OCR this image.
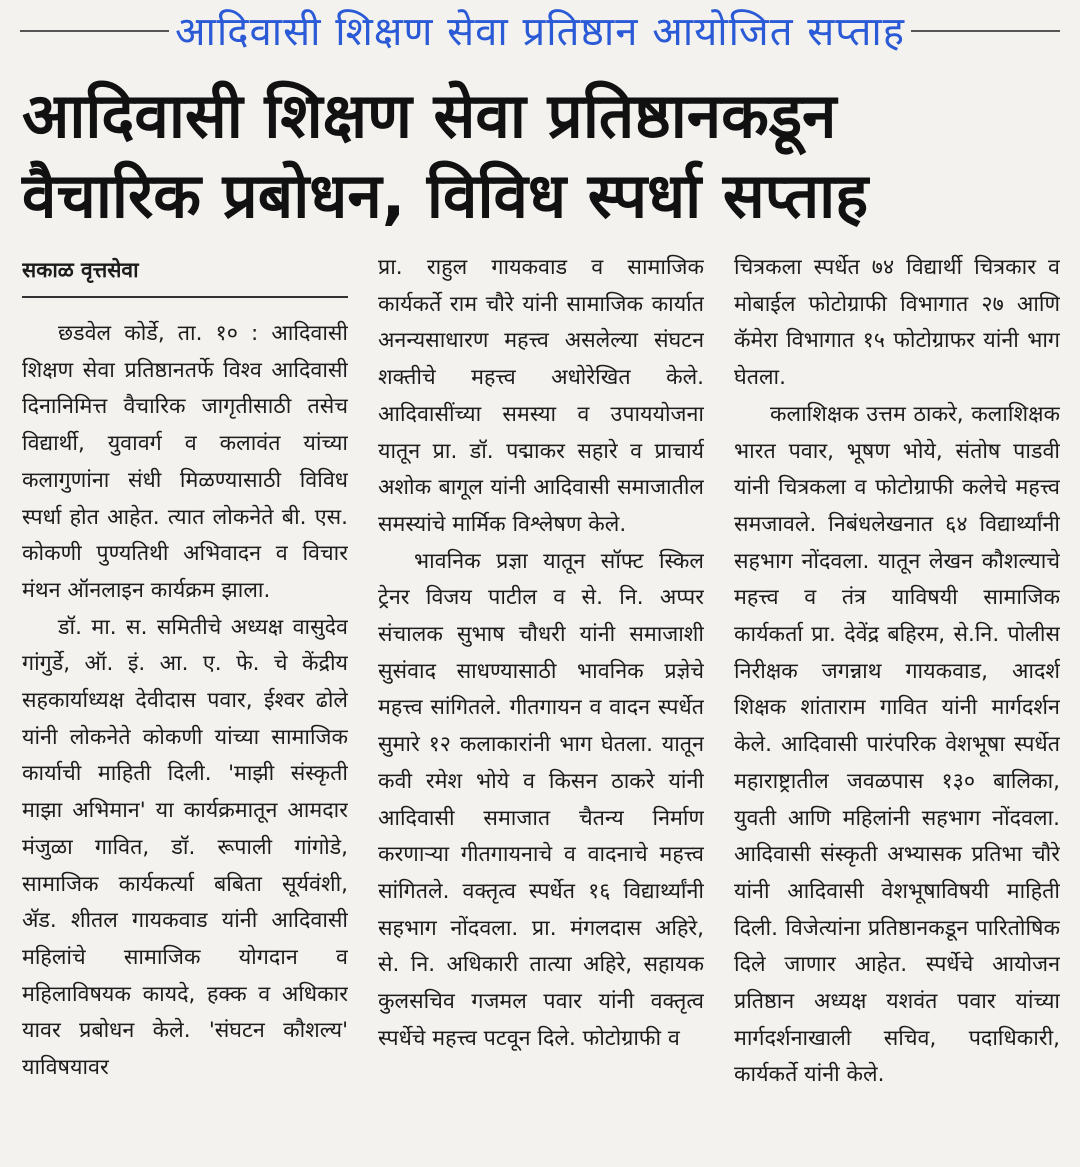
आदिवासी शिक्षण सेवा प्रतिष्ठान आयोजित सप्ताह
आदिवासी शिक्षण सेवा प्रतिष्ठानकडून
वैचारिक प्रबोधन, विविध स्पर्धा सप्ताह
सकाळ वृत्तसेवा

छडवेल कोर्डे, ता. १० : आदिवासी शिक्षण सेवा प्रतिष्ठानतर्फे विश्व आदिवासी दिनानिमित्त वैचारिक जागृतीसाठी तसेच विद्यार्थी, युवावर्ग व कलावंत यांच्या कलागुणांना संधी मिळण्यासाठी विविध स्पर्धा होत आहेत. त्यात लोकनेते बी. एस. कोकणी पुण्यतिथी अभिवादन व विचार मंथन ऑनलाइन कार्यक्रम झाला.

डॉ. मा. स. समितीचे अध्यक्ष वासुदेव गांगुर्डे, ऑ. इं. आ. ए. फे. चे केंद्रीय सहकार्याध्यक्ष देवीदास पवार, ईश्वर ढोले यांनी लोकनेते कोकणी यांच्या सामाजिक कार्याची माहिती दिली. 'माझी संस्कृती माझा अभिमान' या कार्यक्रमातून आमदार मंजुळा गावित, डॉ. रूपाली गांगोडे, सामाजिक कार्यकर्त्या बबिता सूर्यवंशी, ॲड. शीतल गायकवाड यांनी आदिवासी महिलांचे सामाजिक योगदान व महिलाविषयक कायदे, हक्क व अधिकार यावर प्रबोधन केले. 'संघटन कौशल्य' याविषयावर

प्रा. राहुल गायकवाड व सामाजिक कार्यकर्ते राम चौरे यांनी सामाजिक कार्यात अनन्यसाधारण महत्त्व असलेल्या संघटन शक्तीचे महत्त्व अधोरेखित केले. आदिवासींच्या समस्या व उपाययोजना यातून प्रा. डॉ. पद्माकर सहारे व प्राचार्य अशोक बागूल यांनी आदिवासी समाजातील समस्यांचे मार्मिक विश्लेषण केले.

भावनिक प्रज्ञा यातून सॉफ्ट स्किल ट्रेनर विजय पाटील व से. नि. अप्पर संचालक सुभाष चौधरी यांनी समाजाशी सुसंवाद साधण्यासाठी भावनिक प्रज्ञेचे महत्त्व सांगितले. गीतगायन व वादन स्पर्धेत सुमारे १२ कलाकारांनी भाग घेतला. यातून कवी रमेश भोये व किसन ठाकरे यांनी आदिवासी समाजात चैतन्य निर्माण करणाऱ्या गीतगायनाचे व वादनाचे महत्त्व सांगितले. वक्तृत्व स्पर्धेत १६ विद्यार्थ्यांनी सहभाग नोंदवला. प्रा. मंगलदास अहिरे, से. नि. अधिकारी तात्या अहिरे, सहायक कुलसचिव गजमल पवार यांनी वक्तृत्व स्पर्धेचे महत्त्व पटवून दिले. फोटोग्राफी व

चित्रकला स्पर्धेत ७४ विद्यार्थी चित्रकार व मोबाईल फोटोग्राफी विभागात २७ आणि कॅमेरा विभागात १५ फोटोग्राफर यांनी भाग घेतला.

कलाशिक्षक उत्तम ठाकरे, कलाशिक्षक भारत पवार, भूषण भोये, संतोष पाडवी यांनी चित्रकला व फोटोग्राफी कलेचे महत्त्व समजावले. निबंधलेखनात ६४ विद्यार्थ्यांनी सहभाग नोंदवला. यातून लेखन कौशल्याचे महत्त्व व तंत्र याविषयी सामाजिक कार्यकर्ता प्रा. देवेंद्र बहिरम, से.नि. पोलीस निरीक्षक जगन्नाथ गायकवाड, आदर्श शिक्षक शांताराम गावित यांनी मार्गदर्शन केले. आदिवासी पारंपरिक वेशभूषा स्पर्धेत महाराष्ट्रातील जवळपास १३० बालिका, युवती आणि महिलांनी सहभाग नोंदवला. आदिवासी संस्कृती अभ्यासक प्रतिभा चौरे यांनी आदिवासी वेशभूषाविषयी माहिती दिली. विजेत्यांना प्रतिष्ठानकडून पारितोषिक दिले जाणार आहेत. स्पर्धेचे आयोजन प्रतिष्ठान अध्यक्ष यशवंत पवार यांच्या मार्गदर्शनाखाली सचिव, पदाधिकारी, कार्यकर्ते यांनी केले.
